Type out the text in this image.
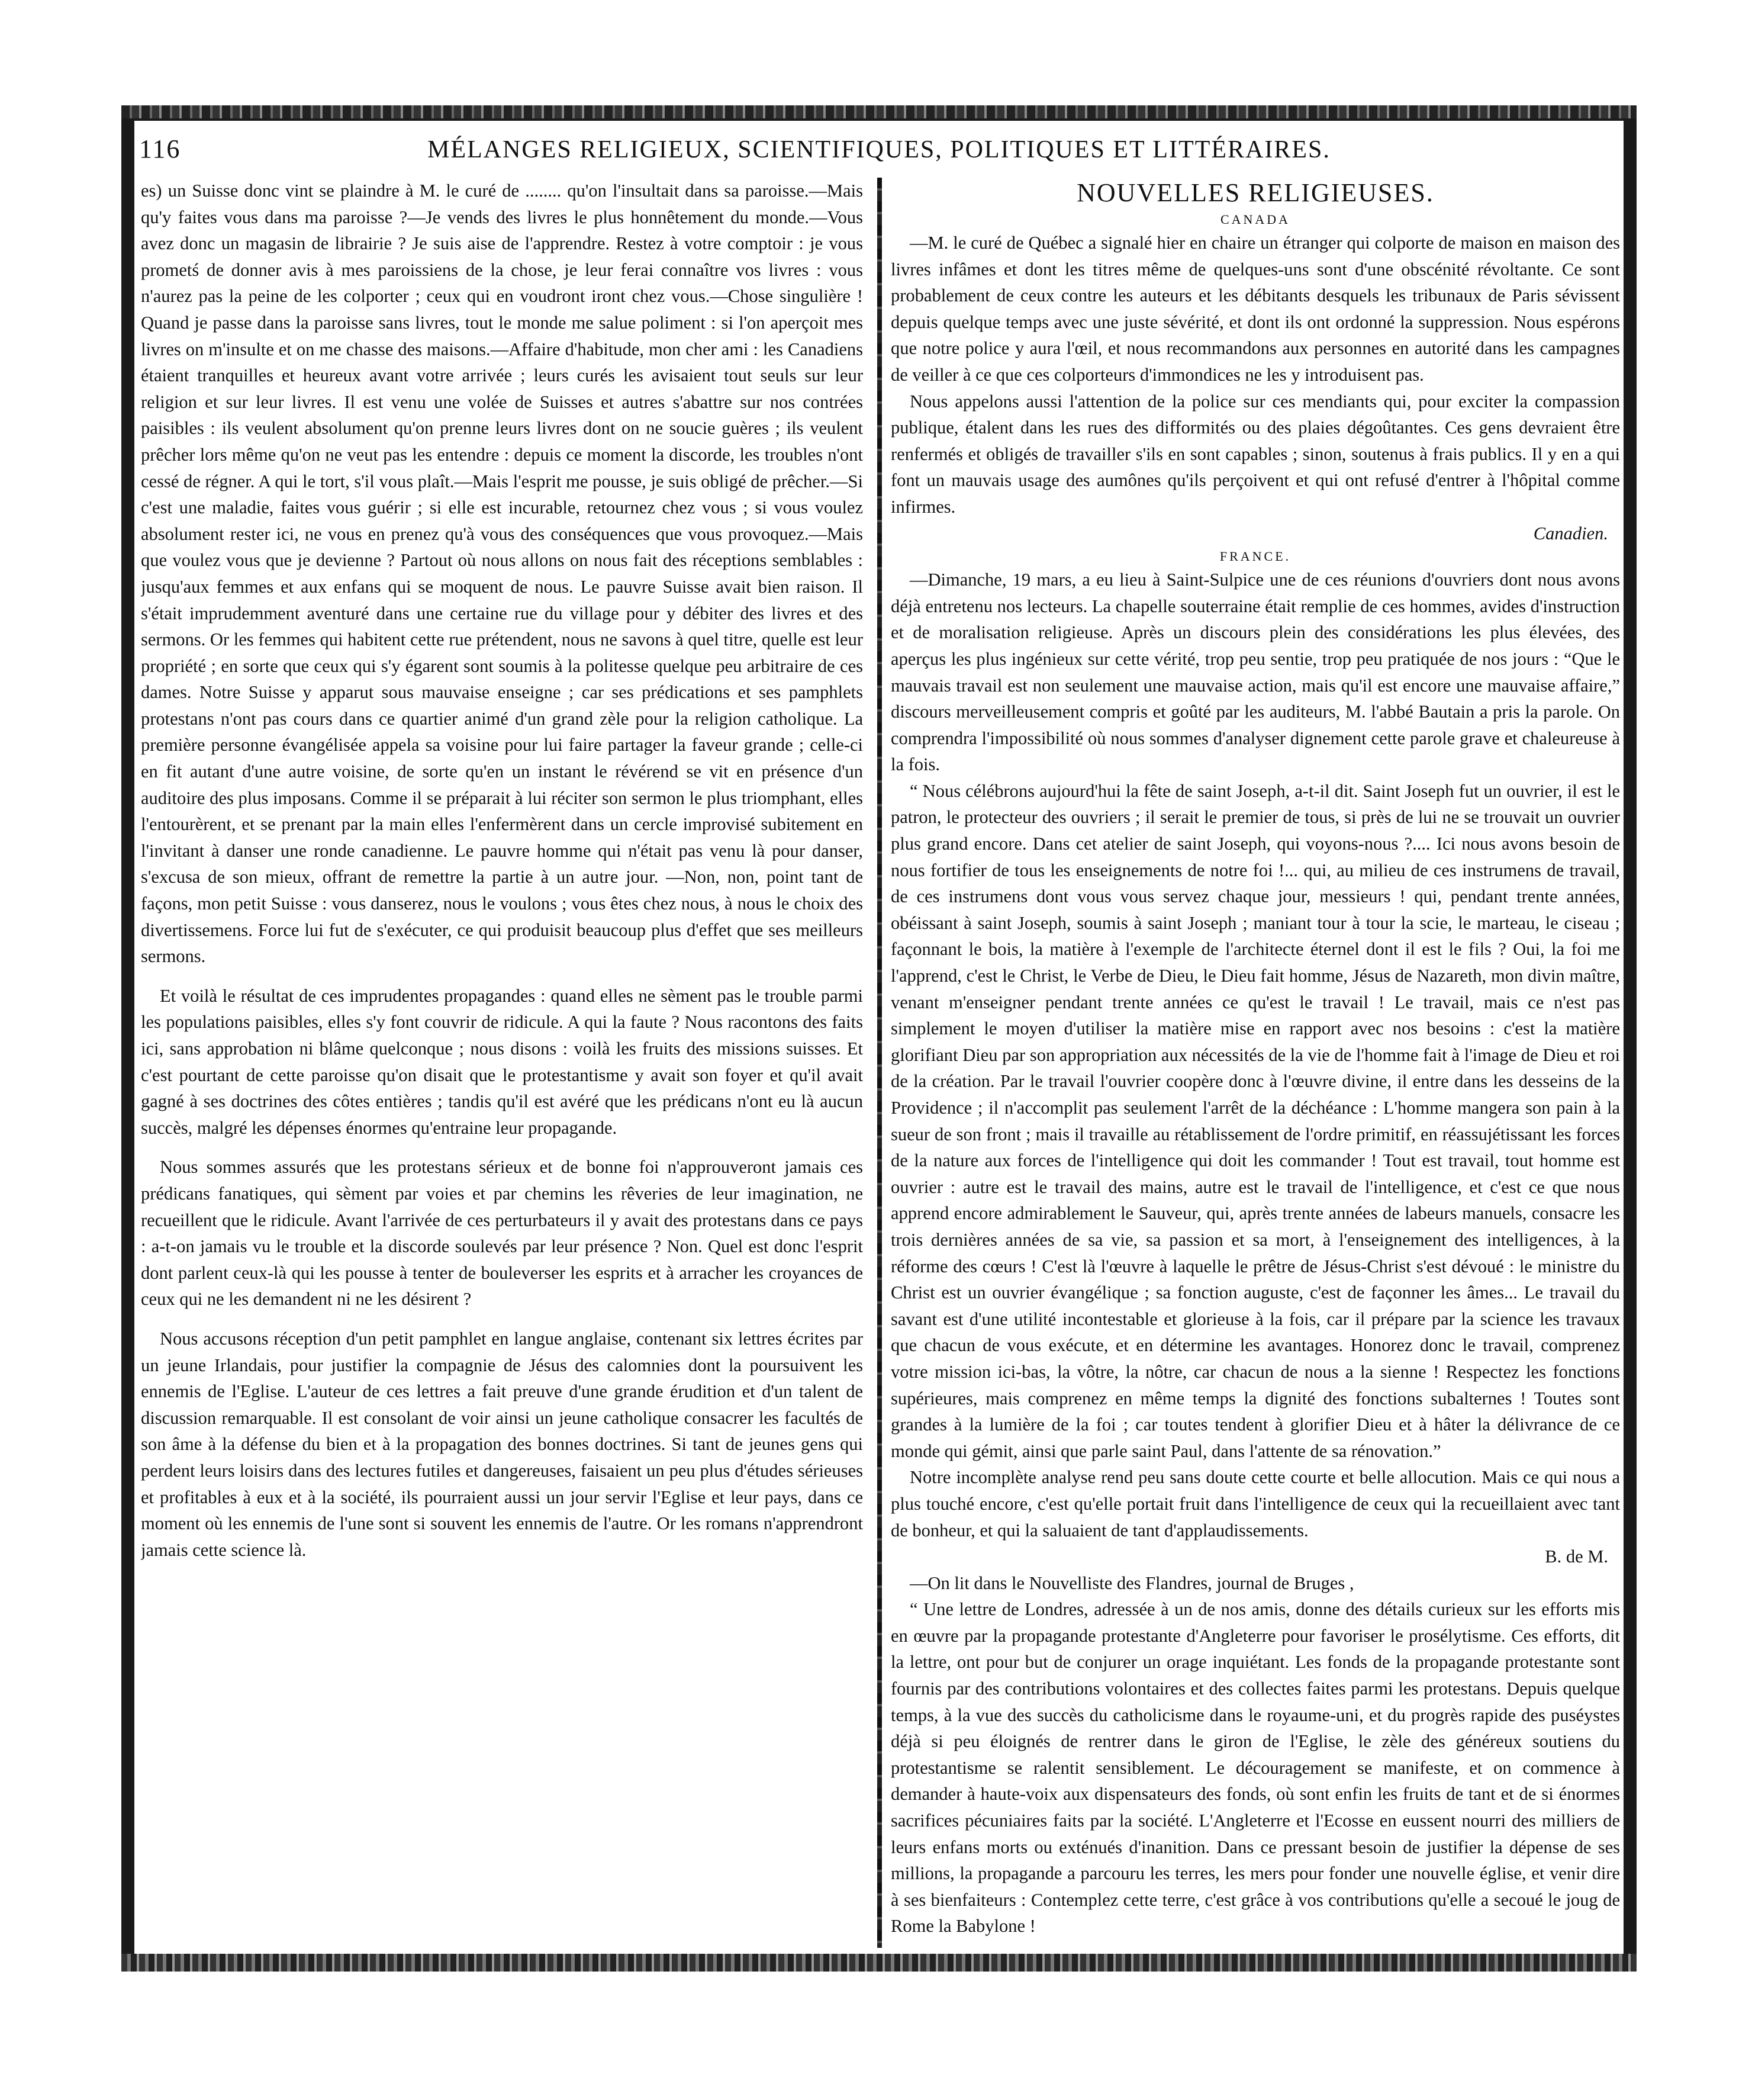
116	MÉLANGES RELIGIEUX, SCIENTIFIQUES, POLITIQUES ET LITTÉRAIRES.

es) un Suisse donc vint se plaindre à M. le curé de ........ qu'on l'insultait dans sa paroisse.—Mais qu'y faites vous dans ma paroisse ?—Je vends des livres le plus honnêtement du monde.—Vous avez donc un magasin de librairie ? Je suis aise de l'apprendre. Restez à votre comptoir : je vous prometś de donner avis à mes paroissiens de la chose, je leur ferai connaître vos livres : vous n'aurez pas la peine de les colporter ; ceux qui en voudront iront chez vous.—Chose singulière ! Quand je passe dans la paroisse sans livres, tout le monde me salue poliment : si l'on aperçoit mes livres on m'insulte et on me chasse des maisons.—Affaire d'habitude, mon cher ami : les Canadiens étaient tranquilles et heureux avant votre arrivée ; leurs curés les avisaient tout seuls sur leur religion et sur leur livres. Il est venu une volée de Suisses et autres s'abattre sur nos contrées paisibles : ils veulent absolument qu'on prenne leurs livres dont on ne soucie guères ; ils veulent prêcher lors même qu'on ne veut pas les entendre : depuis ce moment la discorde, les troubles n'ont cessé de régner. A qui le tort, s'il vous plaît.—Mais l'esprit me pousse, je suis obligé de prêcher.—Si c'est une maladie, faites vous guérir ; si elle est incurable, retournez chez vous ; si vous voulez absolument rester ici, ne vous en prenez qu'à vous des conséquences que vous provoquez.—Mais que voulez vous que je devienne ? Partout où nous allons on nous fait des réceptions semblables : jusqu'aux femmes et aux enfans qui se moquent de nous. Le pauvre Suisse avait bien raison. Il s'était imprudemment aventuré dans une certaine rue du village pour y débiter des livres et des sermons. Or les femmes qui habitent cette rue prétendent, nous ne savons à quel titre, quelle est leur propriété ; en sorte que ceux qui s'y égarent sont soumis à la politesse quelque peu arbitraire de ces dames. Notre Suisse y apparut sous mauvaise enseigne ; car ses prédications et ses pamphlets protestans n'ont pas cours dans ce quartier animé d'un grand zèle pour la religion catholique. La première personne évangélisée appela sa voisine pour lui faire partager la faveur grande ; celle-ci en fit autant d'une autre voisine, de sorte qu'en un instant le révérend se vit en présence d'un auditoire des plus imposans. Comme il se préparait à lui réciter son sermon le plus triomphant, elles l'entourèrent, et se prenant par la main elles l'enfermèrent dans un cercle improvisé subitement en l'invitant à danser une ronde canadienne. Le pauvre homme qui n'était pas venu là pour danser, s'excusa de son mieux, offrant de remettre la partie à un autre jour. —Non, non, point tant de façons, mon petit Suisse : vous danserez, nous le voulons ; vous êtes chez nous, à nous le choix des divertissemens. Force lui fut de s'exécuter, ce qui produisit beaucoup plus d'effet que ses meilleurs sermons.

Et voilà le résultat de ces imprudentes propagandes : quand elles ne sèment pas le trouble parmi les populations paisibles, elles s'y font couvrir de ridicule. A qui la faute ? Nous racontons des faits ici, sans approbation ni blâme quelconque ; nous disons : voilà les fruits des missions suisses. Et c'est pourtant de cette paroisse qu'on disait que le protestantisme y avait son foyer et qu'il avait gagné à ses doctrines des côtes entières ; tandis qu'il est avéré que les prédicans n'ont eu là aucun succès, malgré les dépenses énormes qu'entraine leur propagande.

Nous sommes assurés que les protestans sérieux et de bonne foi n'approuveront jamais ces prédicans fanatiques, qui sèment par voies et par chemins les rêveries de leur imagination, ne recueillent que le ridicule. Avant l'arrivée de ces perturbateurs il y avait des protestans dans ce pays : a-t-on jamais vu le trouble et la discorde soulevés par leur présence ? Non. Quel est donc l'esprit dont parlent ceux-là qui les pousse à tenter de bouleverser les esprits et à arracher les croyances de ceux qui ne les demandent ni ne les désirent ?

Nous accusons réception d'un petit pamphlet en langue anglaise, contenant six lettres écrites par un jeune Irlandais, pour justifier la compagnie de Jésus des calomnies dont la poursuivent les ennemis de l'Eglise. L'auteur de ces lettres a fait preuve d'une grande érudition et d'un talent de discussion remarquable. Il est consolant de voir ainsi un jeune catholique consacrer les facultés de son âme à la défense du bien et à la propagation des bonnes doctrines. Si tant de jeunes gens qui perdent leurs loisirs dans des lectures futiles et dangereuses, faisaient un peu plus d'études sérieuses et profitables à eux et à la société, ils pourraient aussi un jour servir l'Eglise et leur pays, dans ce moment où les ennemis de l'une sont si souvent les ennemis de l'autre. Or les romans n'apprendront jamais cette science là.

NOUVELLES RELIGIEUSES.
CANADA

—M. le curé de Québec a signalé hier en chaire un étranger qui colporte de maison en maison des livres infâmes et dont les titres même de quelques-uns sont d'une obscénité révoltante. Ce sont probablement de ceux contre les auteurs et les débitants desquels les tribunaux de Paris sévissent depuis quelque temps avec une juste sévérité, et dont ils ont ordonné la suppression. Nous espérons que notre police y aura l'œil, et nous recommandons aux personnes en autorité dans les campagnes de veiller à ce que ces colporteurs d'immondices ne les y introduisent pas.

Nous appelons aussi l'attention de la police sur ces mendiants qui, pour exciter la compassion publique, étalent dans les rues des difformités ou des plaies dégoûtantes. Ces gens devraient être renfermés et obligés de travailler s'ils en sont capables ; sinon, soutenus à frais publics. Il y en a qui font un mauvais usage des aumônes qu'ils perçoivent et qui ont refusé d'entrer à l'hôpital comme infirmes.

Canadien.

FRANCE.

—Dimanche, 19 mars, a eu lieu à Saint-Sulpice une de ces réunions d'ouvriers dont nous avons déjà entretenu nos lecteurs. La chapelle souterraine était remplie de ces hommes, avides d'instruction et de moralisation religieuse. Après un discours plein des considérations les plus élevées, des aperçus les plus ingénieux sur cette vérité, trop peu sentie, trop peu pratiquée de nos jours : “Que le mauvais travail est non seulement une mauvaise action, mais qu'il est encore une mauvaise affaire,” discours merveilleusement compris et goûté par les auditeurs, M. l'abbé Bautain a pris la parole. On comprendra l'impossibilité où nous sommes d'analyser dignement cette parole grave et chaleureuse à la fois.

“ Nous célébrons aujourd'hui la fête de saint Joseph, a-t-il dit. Saint Joseph fut un ouvrier, il est le patron, le protecteur des ouvriers ; il serait le premier de tous, si près de lui ne se trouvait un ouvrier plus grand encore. Dans cet atelier de saint Joseph, qui voyons-nous ?.... Ici nous avons besoin de nous fortifier de tous les enseignements de notre foi !... qui, au milieu de ces instrumens de travail, de ces instrumens dont vous vous servez chaque jour, messieurs ! qui, pendant trente années, obéissant à saint Joseph, soumis à saint Joseph ; maniant tour à tour la scie, le marteau, le ciseau ; façonnant le bois, la matière à l'exemple de l'architecte éternel dont il est le fils ? Oui, la foi me l'apprend, c'est le Christ, le Verbe de Dieu, le Dieu fait homme, Jésus de Nazareth, mon divin maître, venant m'enseigner pendant trente années ce qu'est le travail ! Le travail, mais ce n'est pas simplement le moyen d'utiliser la matière mise en rapport avec nos besoins : c'est la matière glorifiant Dieu par son appropriation aux nécessités de la vie de l'homme fait à l'image de Dieu et roi de la création. Par le travail l'ouvrier coopère donc à l'œuvre divine, il entre dans les desseins de la Providence ; il n'accomplit pas seulement l'arrêt de la déchéance : L'homme mangera son pain à la sueur de son front ; mais il travaille au rétablissement de l'ordre primitif, en réassujétissant les forces de la nature aux forces de l'intelligence qui doit les commander ! Tout est travail, tout homme est ouvrier : autre est le travail des mains, autre est le travail de l'intelligence, et c'est ce que nous apprend encore admirablement le Sauveur, qui, après trente années de labeurs manuels, consacre les trois dernières années de sa vie, sa passion et sa mort, à l'enseignement des intelligences, à la réforme des cœurs ! C'est là l'œuvre à laquelle le prêtre de Jésus-Christ s'est dévoué : le ministre du Christ est un ouvrier évangélique ; sa fonction auguste, c'est de façonner les âmes... Le travail du savant est d'une utilité incontestable et glorieuse à la fois, car il prépare par la science les travaux que chacun de vous exécute, et en détermine les avantages. Honorez donc le travail, comprenez votre mission ici-bas, la vôtre, la nôtre, car chacun de nous a la sienne ! Respectez les fonctions supérieures, mais comprenez en même temps la dignité des fonctions subalternes ! Toutes sont grandes à la lumière de la foi ; car toutes tendent à glorifier Dieu et à hâter la délivrance de ce monde qui gémit, ainsi que parle saint Paul, dans l'attente de sa rénovation.”

Notre incomplète analyse rend peu sans doute cette courte et belle allocution. Mais ce qui nous a plus touché encore, c'est qu'elle portait fruit dans l'intelligence de ceux qui la recueillaient avec tant de bonheur, et qui la saluaient de tant d'applaudissements.

B. de M.

—On lit dans le Nouvelliste des Flandres, journal de Bruges ,

“ Une lettre de Londres, adressée à un de nos amis, donne des détails curieux sur les efforts mis en œuvre par la propagande protestante d'Angleterre pour favoriser le prosélytisme. Ces efforts, dit la lettre, ont pour but de conjurer un orage inquiétant. Les fonds de la propagande protestante sont fournis par des contributions volontaires et des collectes faites parmi les protestans. Depuis quelque temps, à la vue des succès du catholicisme dans le royaume-uni, et du progrès rapide des puséystes déjà si peu éloignés de rentrer dans le giron de l'Eglise, le zèle des généreux soutiens du protestantisme se ralentit sensiblement. Le découragement se manifeste, et on commence à demander à haute-voix aux dispensateurs des fonds, où sont enfin les fruits de tant et de si énormes sacrifices pécuniaires faits par la société. L'Angleterre et l'Ecosse en eussent nourri des milliers de leurs enfans morts ou exténués d'inanition. Dans ce pressant besoin de justifier la dépense de ses millions, la propagande a parcouru les terres, les mers pour fonder une nouvelle église, et venir dire à ses bienfaiteurs : Contemplez cette terre, c'est grâce à vos contributions qu'elle a secoué le joug de Rome la Babylone !
